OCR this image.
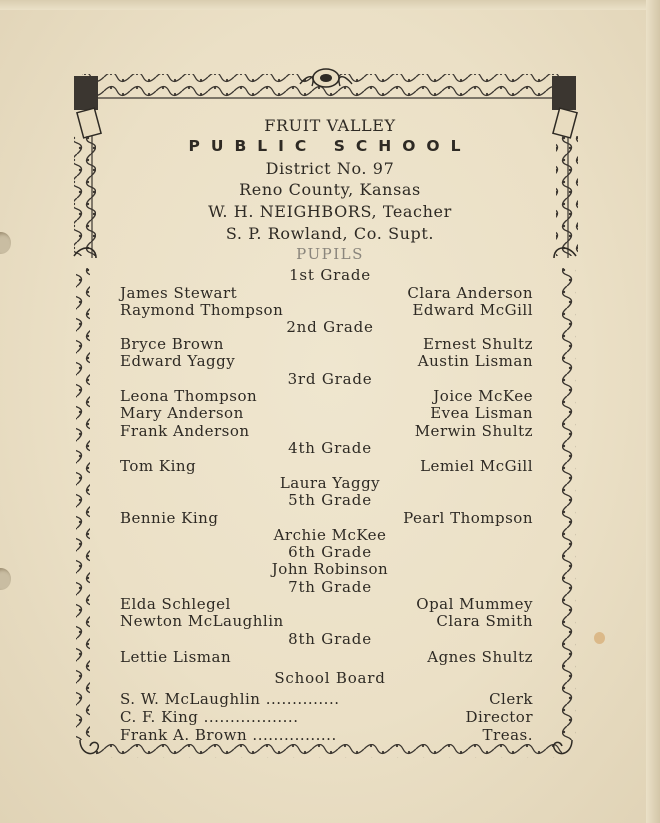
FRUIT VALLEY
PUBLIC SCHOOL
District No. 97
Reno County, Kansas
W. H. NEIGHBORS, Teacher
S. P. Rowland, Co. Supt.
PUPILS
1st Grade
James Stewart	Clara Anderson
Raymond Thompson	Edward McGill
2nd Grade
Bryce Brown	Ernest Shultz
Edward Yaggy	Austin Lisman
3rd Grade
Leona Thompson	Joice McKee
Mary Anderson	Evea Lisman
Frank Anderson	Merwin Shultz
4th Grade
Tom King	Lemiel McGill
Laura Yaggy
5th Grade
Bennie King	Pearl Thompson
Archie McKee
6th Grade
John Robinson
7th Grade
Elda Schlegel	Opal Mummey
Newton McLaughlin	Clara Smith
8th Grade
Lettie Lisman	Agnes Shultz
School Board
S. W. McLaughlin ..............	Clerk
C. F. King ..................	Director
Frank A. Brown ................	Treas.
